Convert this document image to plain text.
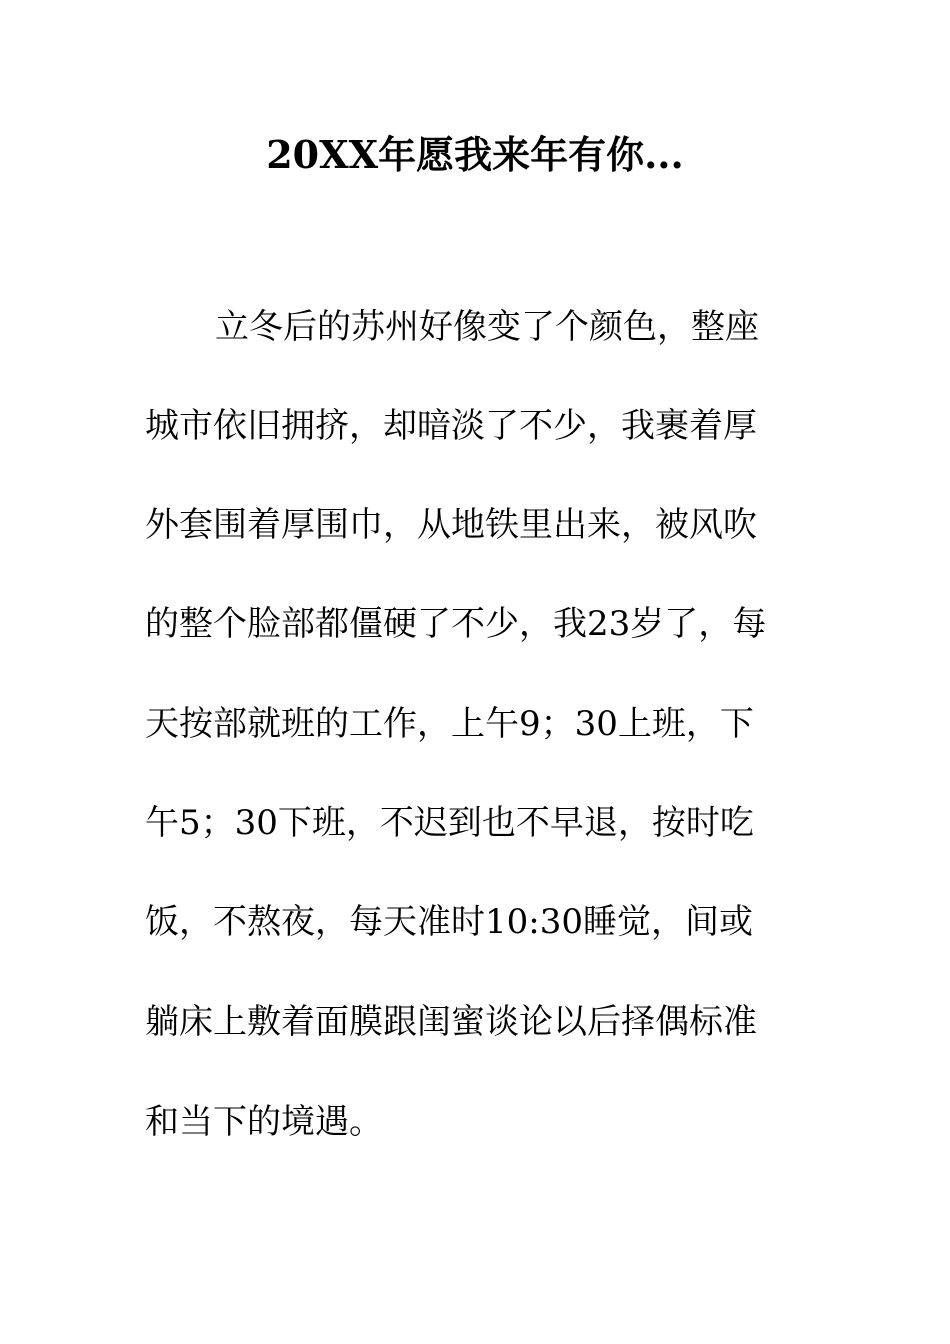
20XX年愿我来年有你...
立冬后的苏州好像变了个颜色，整座
城市依旧拥挤，却暗淡了不少，我裹着厚
外套围着厚围巾，从地铁里出来，被风吹
的整个脸部都僵硬了不少，我23岁了，每
天按部就班的工作，上午9；30上班，下
午5；30下班，不迟到也不早退，按时吃
饭，不熬夜，每天准时10:30睡觉，间或
躺床上敷着面膜跟闺蜜谈论以后择偶标准
和当下的境遇。
